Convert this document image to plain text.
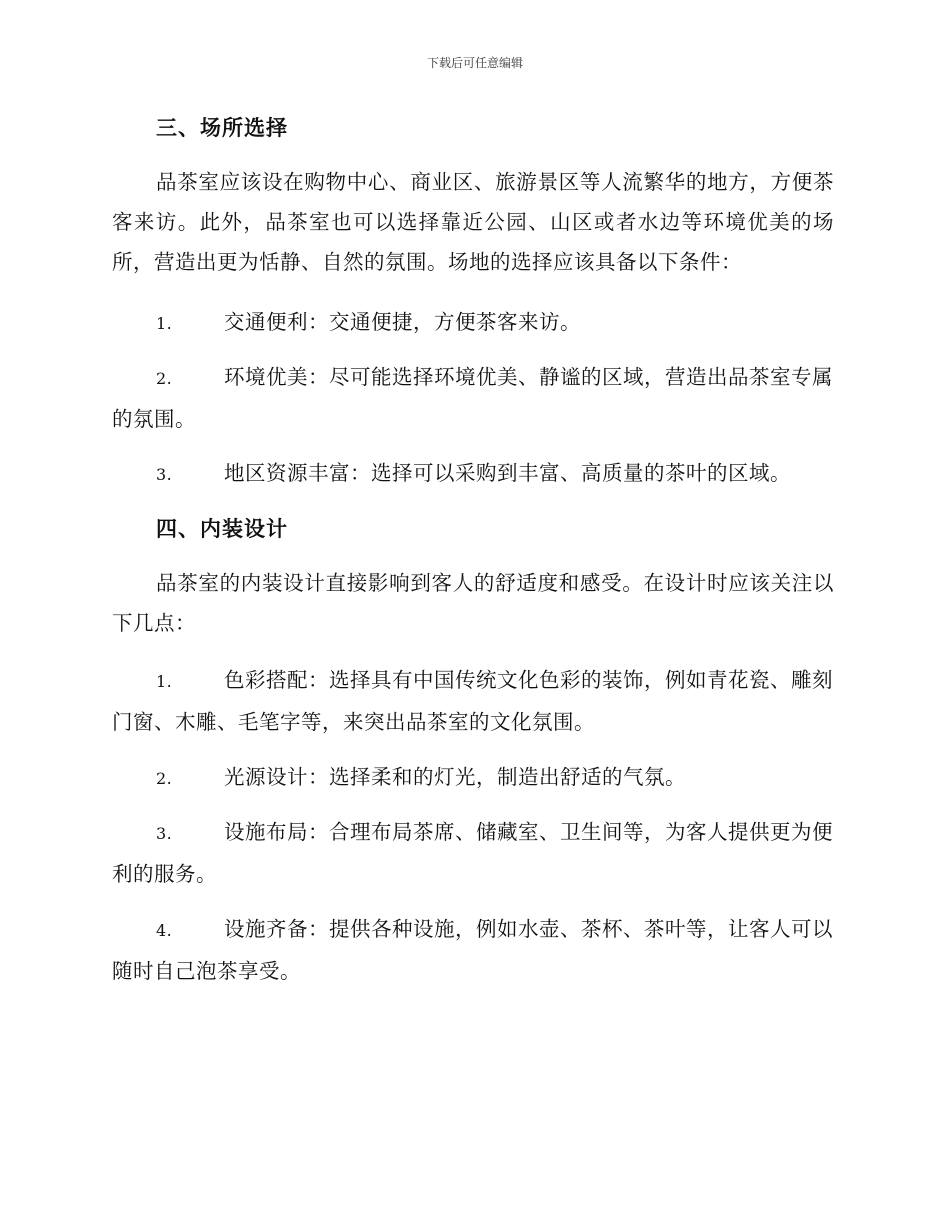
下载后可任意编辑
三、场所选择
品茶室应该设在购物中心、商业区、旅游景区等人流繁华的地方，方便茶客来访。此外，品茶室也可以选择靠近公园、山区或者水边等环境优美的场所，营造出更为恬静、自然的氛围。场地的选择应该具备以下条件：
1.	交通便利：交通便捷，方便茶客来访。
2.	环境优美：尽可能选择环境优美、静谧的区域，营造出品茶室专属的氛围。
3.	地区资源丰富：选择可以采购到丰富、高质量的茶叶的区域。
四、内装设计
品茶室的内装设计直接影响到客人的舒适度和感受。在设计时应该关注以下几点：
1.	色彩搭配：选择具有中国传统文化色彩的装饰，例如青花瓷、雕刻门窗、木雕、毛笔字等，来突出品茶室的文化氛围。
2.	光源设计：选择柔和的灯光，制造出舒适的气氛。
3.	设施布局：合理布局茶席、储藏室、卫生间等，为客人提供更为便利的服务。
4.	设施齐备：提供各种设施，例如水壶、茶杯、茶叶等，让客人可以随时自己泡茶享受。
